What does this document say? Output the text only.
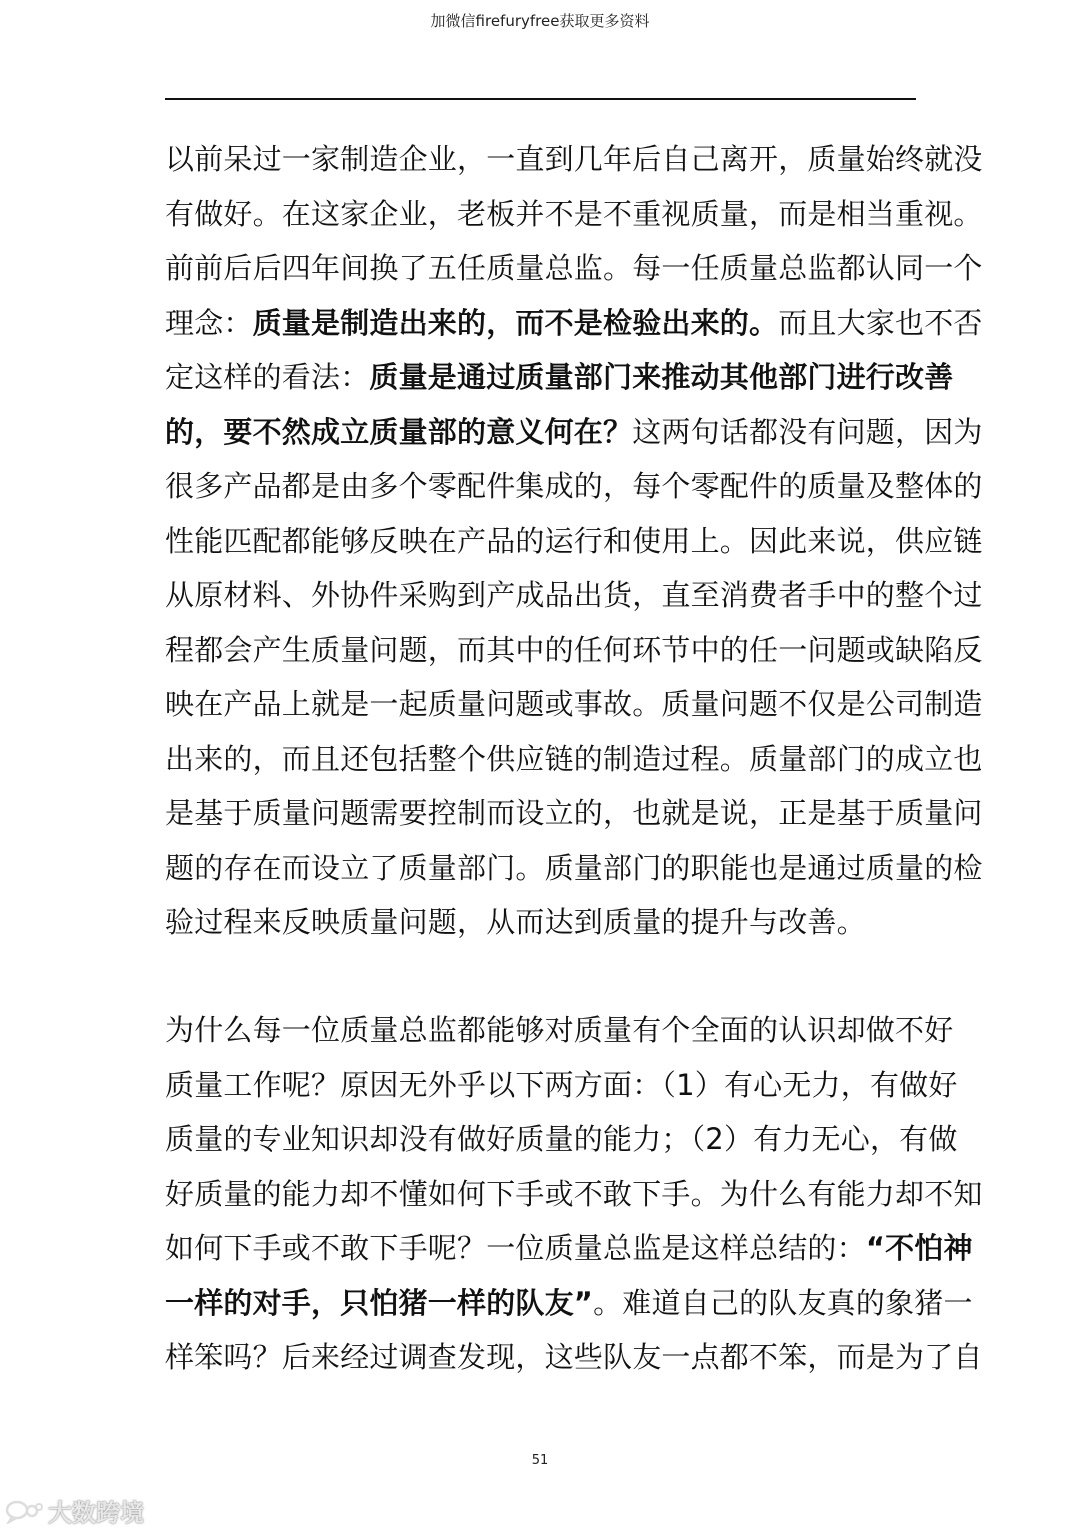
加微信firefuryfree获取更多资料
以前呆过一家制造企业，一直到几年后自己离开，质量始终就没
有做好。在这家企业，老板并不是不重视质量，而是相当重视。
前前后后四年间换了五任质量总监。每一任质量总监都认同一个
理念：质量是制造出来的，而不是检验出来的。而且大家也不否
定这样的看法：质量是通过质量部门来推动其他部门进行改善
的，要不然成立质量部的意义何在？这两句话都没有问题，因为
很多产品都是由多个零配件集成的，每个零配件的质量及整体的
性能匹配都能够反映在产品的运行和使用上。因此来说，供应链
从原材料、外协件采购到产成品出货，直至消费者手中的整个过
程都会产生质量问题，而其中的任何环节中的任一问题或缺陷反
映在产品上就是一起质量问题或事故。质量问题不仅是公司制造
出来的，而且还包括整个供应链的制造过程。质量部门的成立也
是基于质量问题需要控制而设立的，也就是说，正是基于质量问
题的存在而设立了质量部门。质量部门的职能也是通过质量的检
验过程来反映质量问题，从而达到质量的提升与改善。
为什么每一位质量总监都能够对质量有个全面的认识却做不好
质量工作呢？原因无外乎以下两方面：（1）有心无力，有做好
质量的专业知识却没有做好质量的能力；（2）有力无心，有做
好质量的能力却不懂如何下手或不敢下手。为什么有能力却不知
如何下手或不敢下手呢？一位质量总监是这样总结的：“不怕神
一样的对手，只怕猪一样的队友”。难道自己的队友真的象猪一
样笨吗？后来经过调查发现，这些队友一点都不笨，而是为了自
51
大数跨境
